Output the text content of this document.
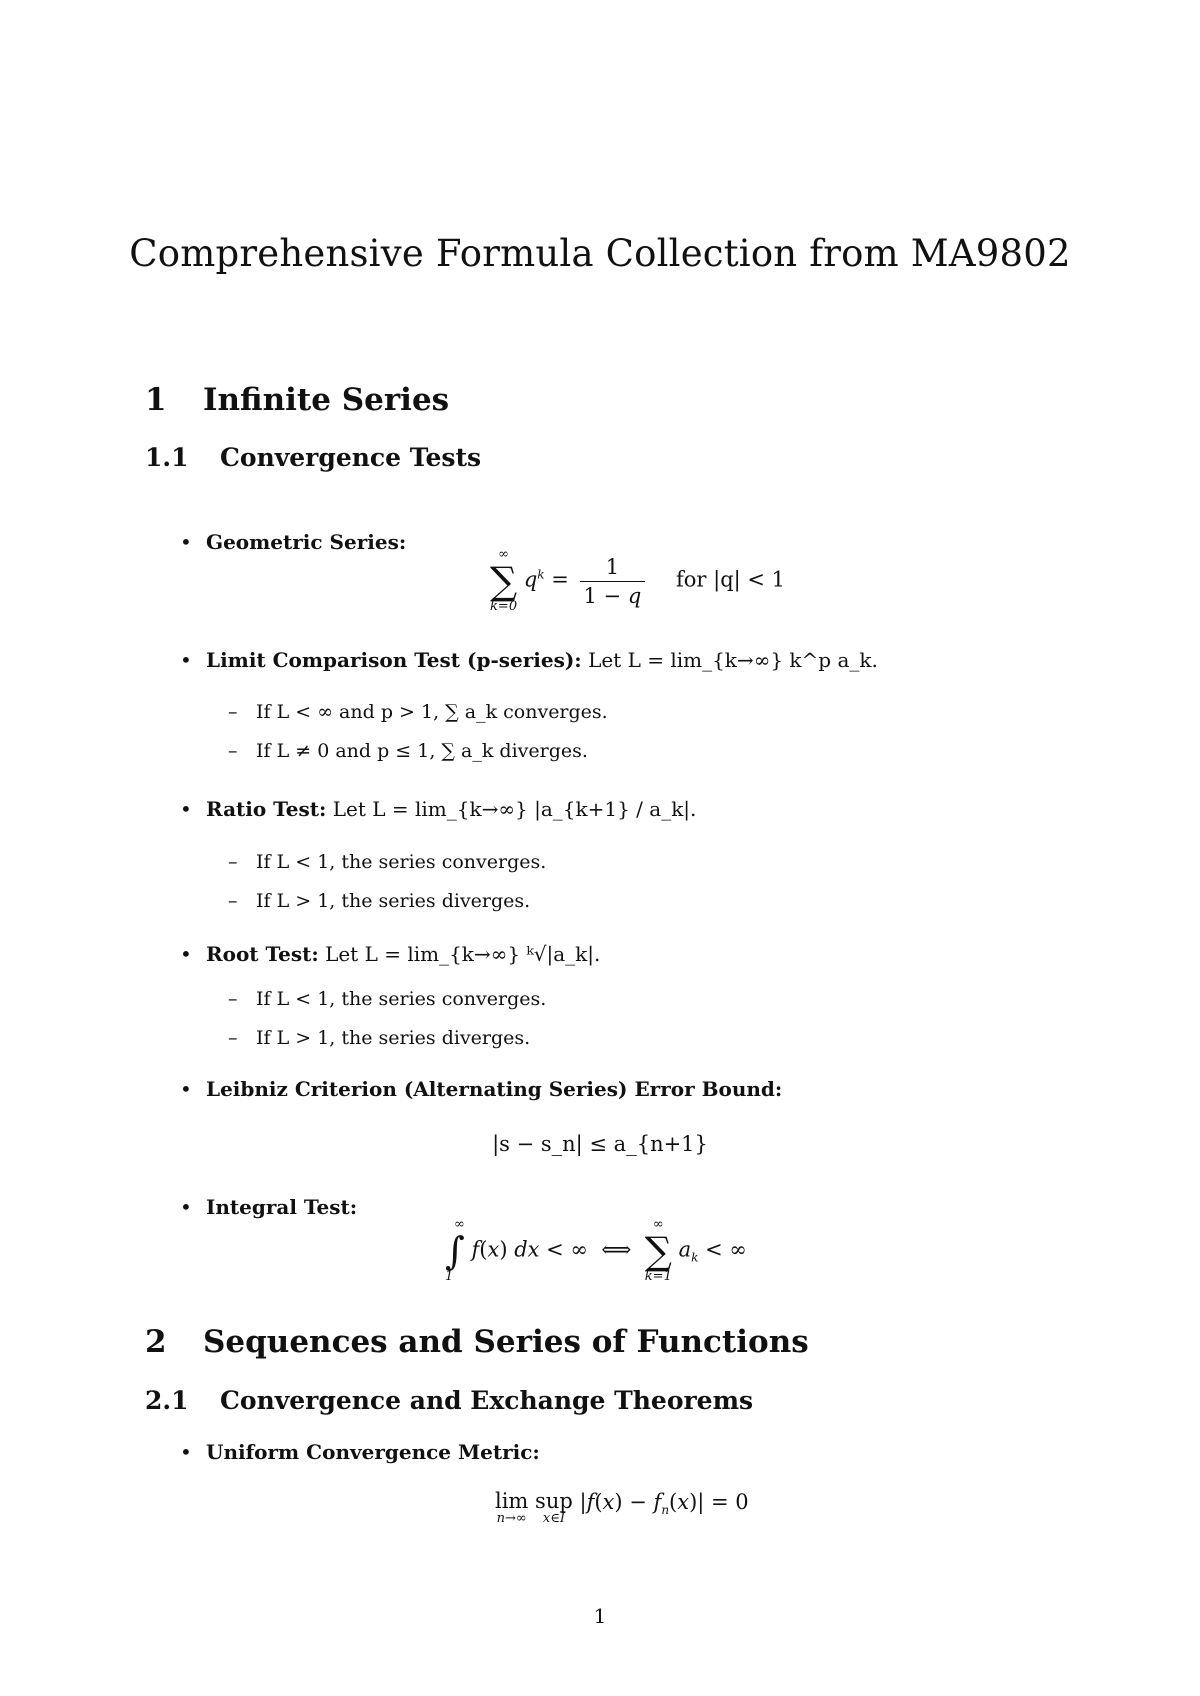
Comprehensive Formula Collection from MA9802
1 Infinite Series
1.1 Convergence Tests
• Geometric Series:
∞
∑
k=0
$q^k = \frac{1}{1 - q}$ for |q| < 1
• Limit Comparison Test (p-series): Let L = lim_{k→∞} k^p a_k.
– If L < ∞ and p > 1, ∑ a_k converges.
– If L ≠ 0 and p ≤ 1, ∑ a_k diverges.
• Ratio Test: Let L = lim_{k→∞} |a_{k+1} / a_k|.
– If L < 1, the series converges.
– If L > 1, the series diverges.
• Root Test: Let L = lim_{k→∞} ᵏ√|a_k|.
– If L < 1, the series converges.
– If L > 1, the series diverges.
• Leibniz Criterion (Alternating Series) Error Bound:
|s − s_n| ≤ a_{n+1}
• Integral Test:
∞
∫
1
f(x) dx < ∞  ⟺
∞
∑
k=1
$a_k$ < ∞
2 Sequences and Series of Functions
2.1 Convergence and Exchange Theorems
• Uniform Convergence Metric:
lim
n→∞

sup
x∈I
$|f(x) - f_n(x)| = 0$
1
